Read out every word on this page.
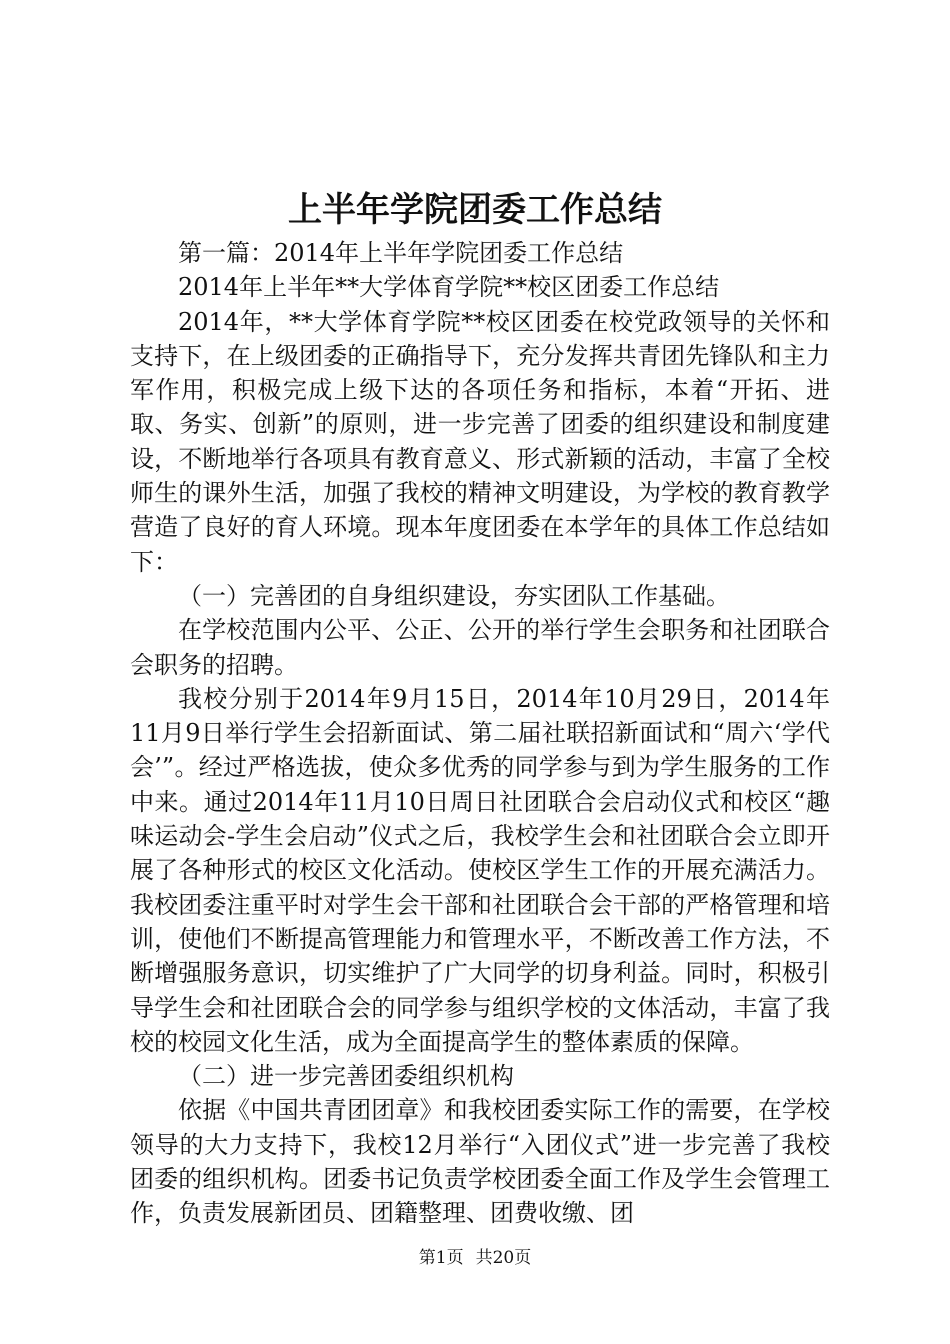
上半年学院团委工作总结

第一篇：2014年上半年学院团委工作总结

2014年上半年**大学体育学院**校区团委工作总结

2014年，**大学体育学院**校区团委在校党政领导的关怀和支持下，在上级团委的正确指导下，充分发挥共青团先锋队和主力军作用，积极完成上级下达的各项任务和指标，本着“开拓、进取、务实、创新”的原则，进一步完善了团委的组织建设和制度建设，不断地举行各项具有教育意义、形式新颖的活动，丰富了全校师生的课外生活，加强了我校的精神文明建设，为学校的教育教学营造了良好的育人环境。现本年度团委在本学年的具体工作总结如下：

（一）完善团的自身组织建设，夯实团队工作基础。

在学校范围内公平、公正、公开的举行学生会职务和社团联合会职务的招聘。

我校分别于2014年9月15日，2014年10月29日，2014年11月9日举行学生会招新面试、第二届社联招新面试和“周六‘学代会’”。经过严格选拔，使众多优秀的同学参与到为学生服务的工作中来。通过2014年11月10日周日社团联合会启动仪式和校区“趣味运动会-学生会启动”仪式之后，我校学生会和社团联合会立即开展了各种形式的校区文化活动。使校区学生工作的开展充满活力。我校团委注重平时对学生会干部和社团联合会干部的严格管理和培训，使他们不断提高管理能力和管理水平，不断改善工作方法，不断增强服务意识，切实维护了广大同学的切身利益。同时，积极引导学生会和社团联合会的同学参与组织学校的文体活动，丰富了我校的校园文化生活，成为全面提高学生的整体素质的保障。

（二）进一步完善团委组织机构

依据《中国共青团团章》和我校团委实际工作的需要，在学校领导的大力支持下，我校12月举行“入团仪式”进一步完善了我校团委的组织机构。团委书记负责学校团委全面工作及学生会管理工作，负责发展新团员、团籍整理、团费收缴、团

第1页 共20页
